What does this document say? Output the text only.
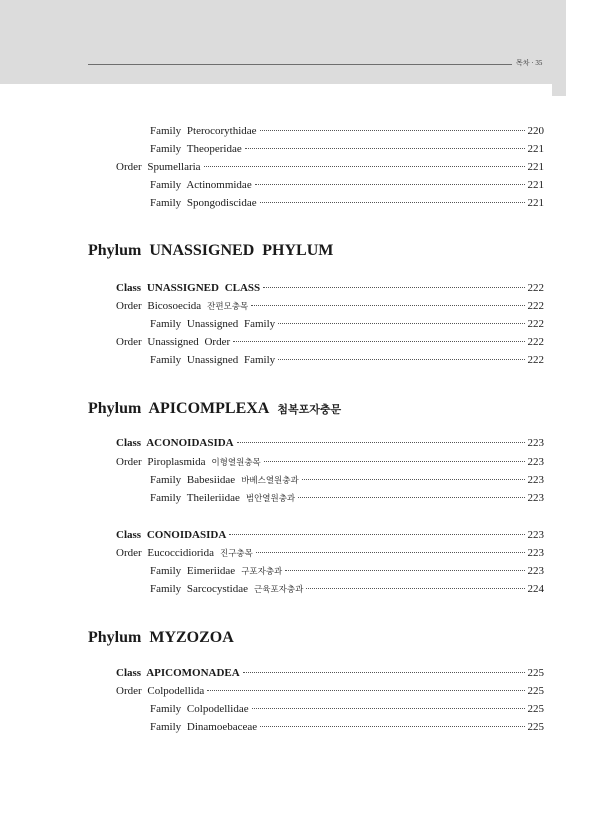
목차 · 35
Family Pterocorythidae	220
Family Theoperidae	221
Order Spumellaria	221
Family Actinommidae	221
Family Spongodiscidae	221
Phylum UNASSIGNED PHYLUM
Class UNASSIGNED CLASS	222
Order Bicosoecida 잔편모충목	222
Family Unassigned Family	222
Order Unassigned Order	222
Family Unassigned Family	222
Phylum APICOMPLEXA 첨복포자충문
Class ACONOIDASIDA	223
Order Piroplasmida 이형열원충목	223
Family Babesiidae 바베스열원충과	223
Family Theileriidae 범안열원충과	223
Class CONOIDASIDA	223
Order Eucoccidiorida 진구충목	223
Family Eimeriidae 구포자충과	223
Family Sarcocystidae 근육포자충과	224
Phylum MYZOZOA
Class APICOMONADEA	225
Order Colpodellida	225
Family Colpodellidae	225
Family Dinamoebaceae	225
